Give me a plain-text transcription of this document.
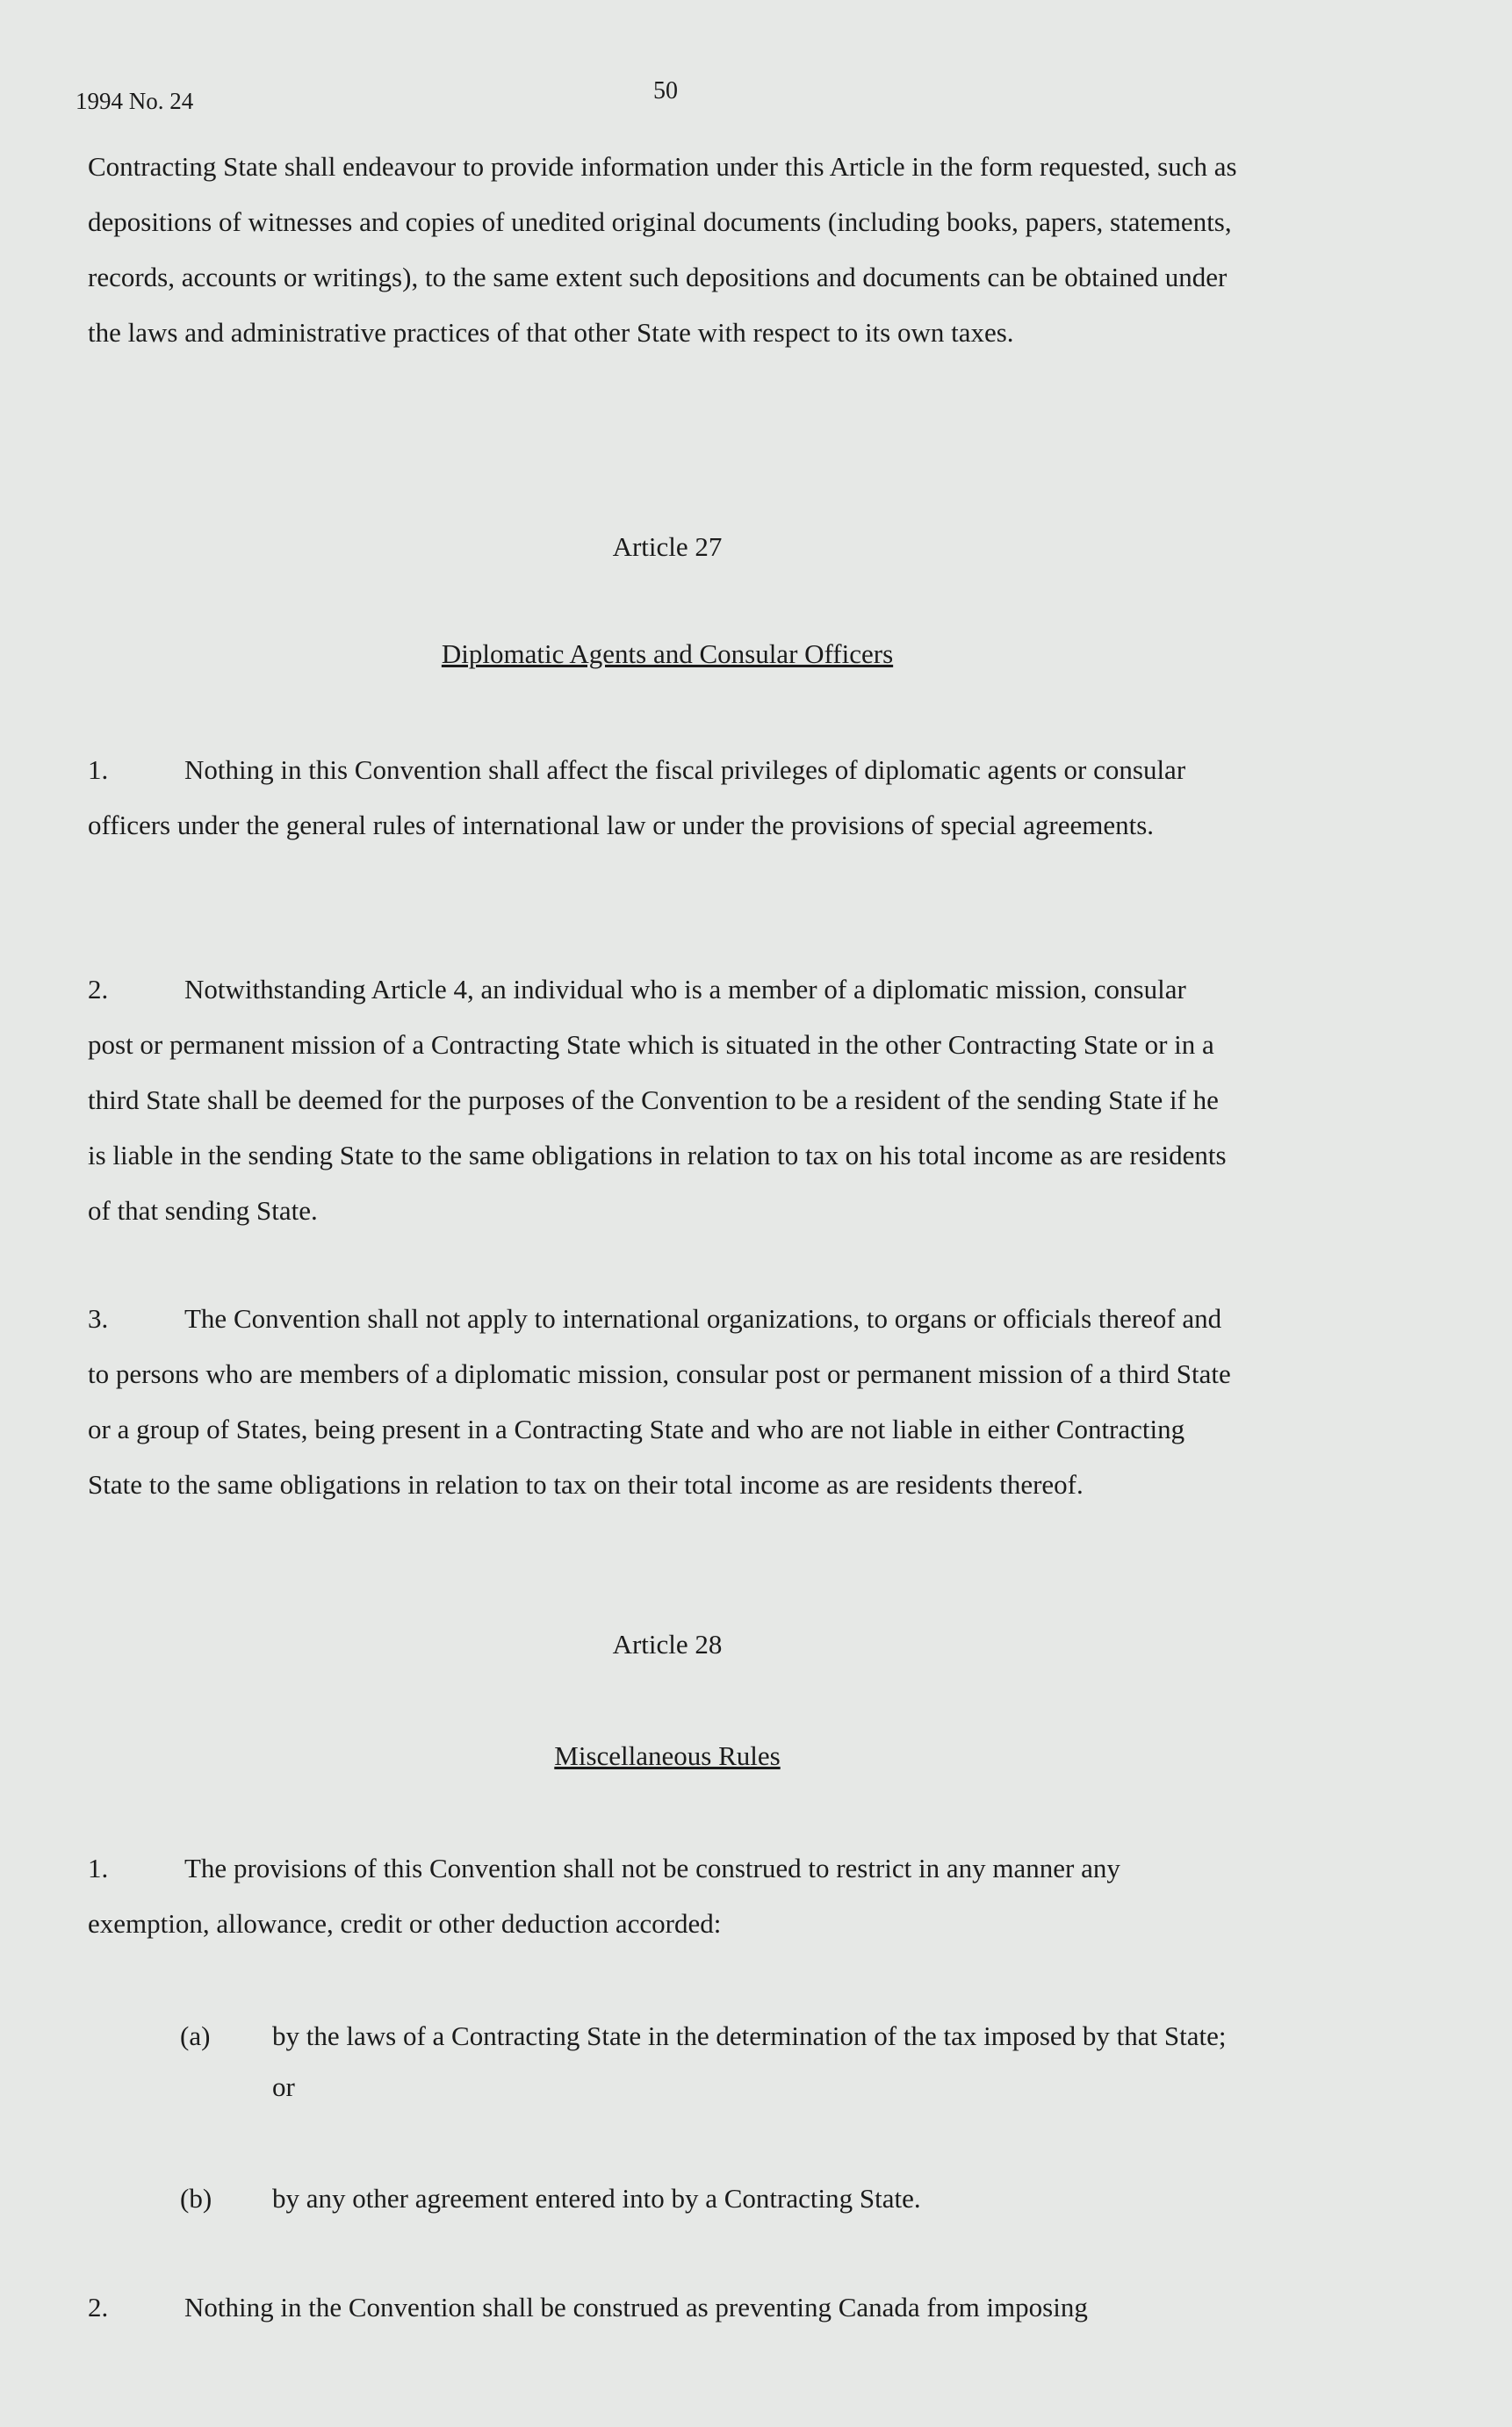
1994 No. 24	50

Contracting State shall endeavour to provide information under this Article in the form requested, such as depositions of witnesses and copies of unedited original documents (including books, papers, statements, records, accounts or writings), to the same extent such depositions and documents can be obtained under the laws and administrative practices of that other State with respect to its own taxes.

Article 27

Diplomatic Agents and Consular Officers

1.	Nothing in this Convention shall affect the fiscal privileges of diplomatic agents or consular officers under the general rules of international law or under the provisions of special agreements.

2.	Notwithstanding Article 4, an individual who is a member of a diplomatic mission, consular post or permanent mission of a Contracting State which is situated in the other Contracting State or in a third State shall be deemed for the purposes of the Convention to be a resident of the sending State if he is liable in the sending State to the same obligations in relation to tax on his total income as are residents of that sending State.

3.	The Convention shall not apply to international organizations, to organs or officials thereof and to persons who are members of a diplomatic mission, consular post or permanent mission of a third State or a group of States, being present in a Contracting State and who are not liable in either Contracting State to the same obligations in relation to tax on their total income as are residents thereof.

Article 28

Miscellaneous Rules

1.	The provisions of this Convention shall not be construed to restrict in any manner any exemption, allowance, credit or other deduction accorded:

(a)	by the laws of a Contracting State in the determination of the tax imposed by that State; or
(b)	by any other agreement entered into by a Contracting State.

2.	Nothing in the Convention shall be construed as preventing Canada from imposing
